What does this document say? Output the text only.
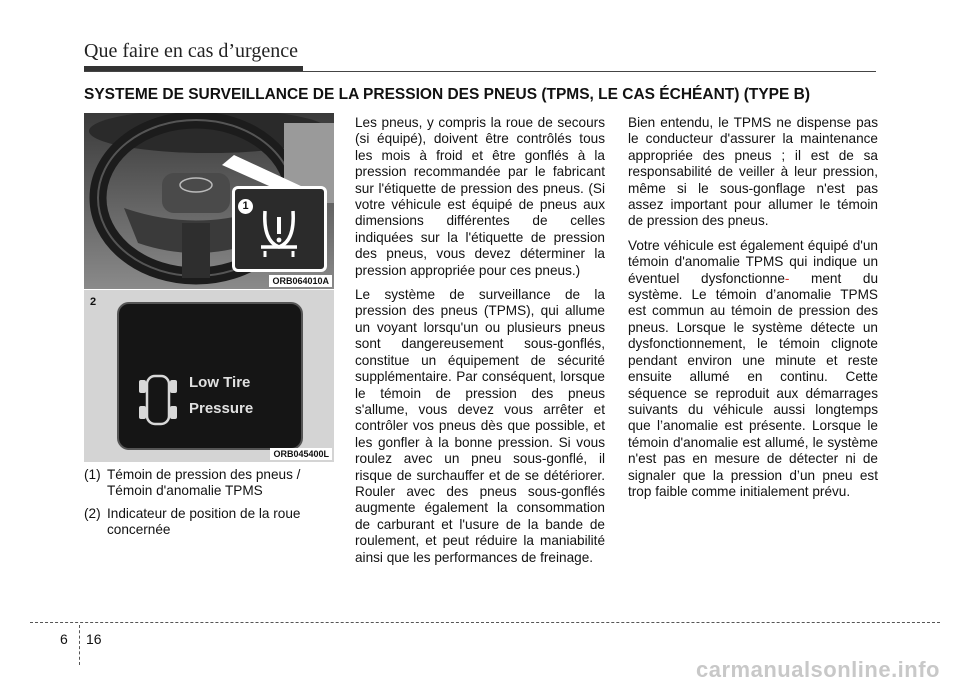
Que faire en cas d’urgence
SYSTEME DE SURVEILLANCE DE LA PRESSION DES PNEUS (TPMS, LE CAS ÉCHÉANT) (TYPE B)
1
ORB064010A
2
Low Tire
Pressure
ORB045400L
(1) Témoin de pression des pneus / Témoin d'anomalie TPMS
(2) Indicateur de position de la roue concernée

Les pneus, y compris la roue de secours (si équipé), doivent être contrôlés tous les mois à froid et être gonflés à la pression recommandée par le fabricant sur l'étiquette de pression des pneus. (Si votre véhicule est équipé de pneus aux dimensions différentes de celles indiquées sur la l'étiquette de pression des pneus, vous devez déterminer la pression appropriée pour ces pneus.)

Le système de surveillance de la pression des pneus (TPMS), qui allume un voyant lorsqu'un ou plusieurs pneus sont dangereusement sous-gonflés, constitue un équipement de sécurité supplémentaire. Par conséquent, lorsque le témoin de pression des pneus s'allume, vous devez vous arrêter et contrôler vos pneus dès que possible, et les gonfler à la bonne pression. Si vous roulez avec un pneu sous-gonflé, il risque de surchauffer et de se détériorer. Rouler avec des pneus sous-gonflés augmente également la consommation de carburant et l'usure de la bande de roulement, et peut réduire la maniabilité ainsi que les performances de freinage.

Bien entendu, le TPMS ne dispense pas le conducteur d'assurer la maintenance appropriée des pneus ; il est de sa responsabilité de veiller à leur pression, même si le sous-gonflage n'est pas assez important pour allumer le témoin de pression des pneus.

Votre véhicule est également équipé d'un témoin d'anomalie TPMS qui indique un éventuel dysfonctionne- ment du système. Le témoin d’anomalie TPMS est commun au témoin de pression des pneus. Lorsque le système détecte un dysfonctionnement, le témoin clignote pendant environ une minute et reste ensuite allumé en continu. Cette séquence se reproduit aux démarrages suivants du véhicule aussi longtemps que l’anomalie est présente. Lorsque le témoin d'anomalie est allumé, le système n'est pas en mesure de détecter ni de signaler que la pression d’un pneu est trop faible comme initialement prévu.

6 16
carmanualsonline.info
